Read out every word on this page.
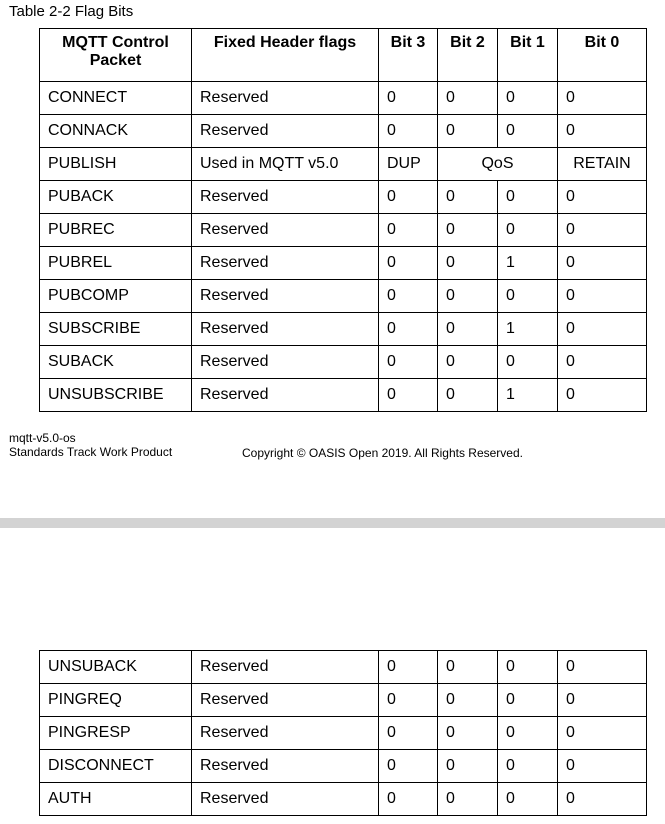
Table 2-2 Flag Bits
MQTT Control Packet	Fixed Header flags	Bit 3	Bit 2	Bit 1	Bit 0
CONNECT	Reserved	0	0	0	0
CONNACK	Reserved	0	0	0	0
PUBLISH	Used in MQTT v5.0	DUP	QoS		RETAIN
PUBACK	Reserved	0	0	0	0
PUBREC	Reserved	0	0	0	0
PUBREL	Reserved	0	0	1	0
PUBCOMP	Reserved	0	0	0	0
SUBSCRIBE	Reserved	0	0	1	0
SUBACK	Reserved	0	0	0	0
UNSUBSCRIBE	Reserved	0	0	1	0
mqtt-v5.0-os
Standards Track Work Product	Copyright © OASIS Open 2019. All Rights Reserved.
UNSUBACK	Reserved	0	0	0	0
PINGREQ	Reserved	0	0	0	0
PINGRESP	Reserved	0	0	0	0
DISCONNECT	Reserved	0	0	0	0
AUTH	Reserved	0	0	0	0
